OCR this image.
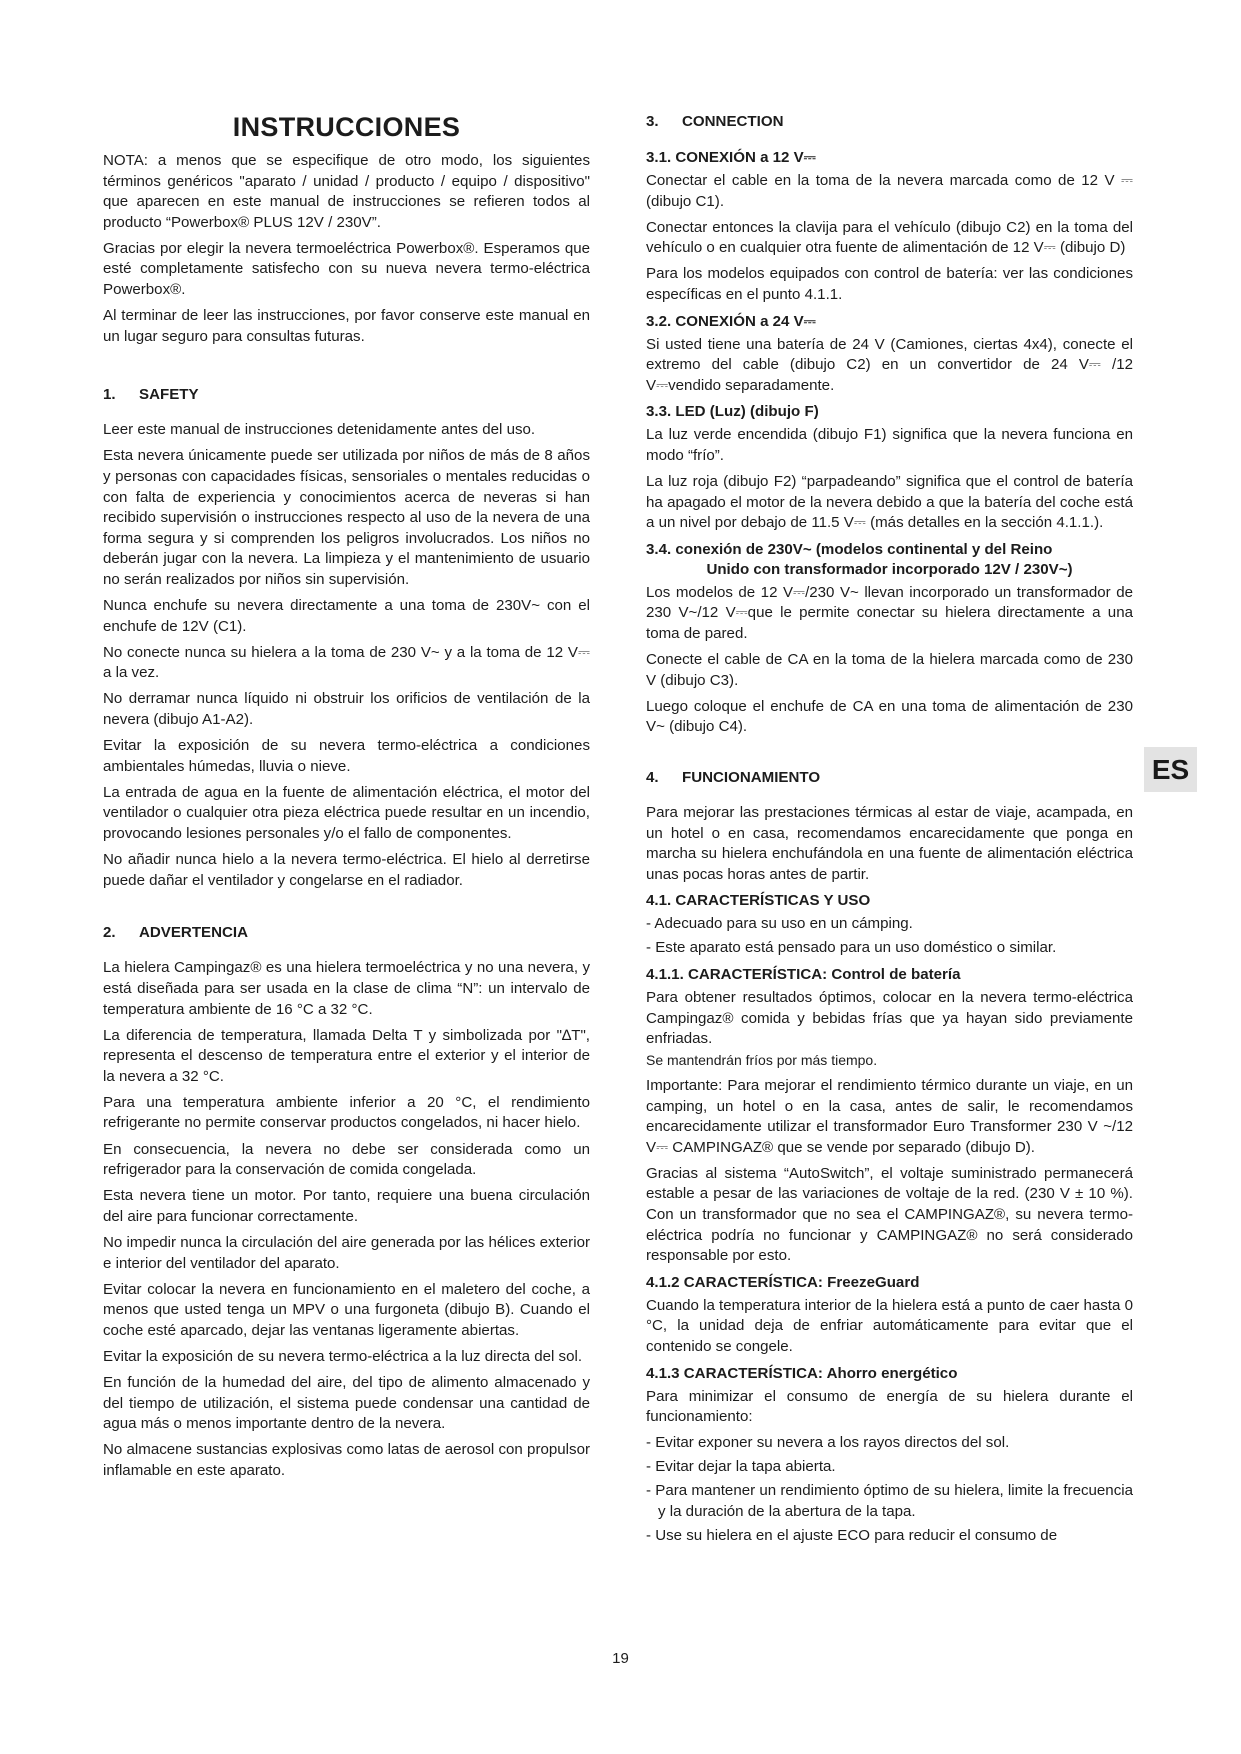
INSTRUCCIONES

NOTA: a menos que se especifique de otro modo, los siguientes términos genéricos "aparato / unidad / producto / equipo / dispositivo" que aparecen en este manual de instrucciones se refieren todos al producto “Powerbox® PLUS 12V / 230V”.

Gracias por elegir la nevera termoeléctrica Powerbox®. Esperamos que esté completamente satisfecho con su nueva nevera termo-eléctrica Powerbox®.

Al terminar de leer las instrucciones, por favor conserve este manual en un lugar seguro para consultas futuras.

1. SAFETY

Leer este manual de instrucciones detenidamente antes del uso.

Esta nevera únicamente puede ser utilizada por niños de más de 8 años y personas con capacidades físicas, sensoriales o mentales reducidas o con falta de experiencia y conocimientos acerca de neveras si han recibido supervisión o instrucciones respecto al uso de la nevera de una forma segura y si comprenden los peligros involucrados. Los niños no deberán jugar con la nevera. La limpieza y el mantenimiento de usuario no serán realizados por niños sin supervisión.

Nunca enchufe su nevera directamente a una toma de 230V~ con el enchufe de 12V (C1).

No conecte nunca su hielera a la toma de 230 V~ y a la toma de 12 V⎓ a la vez.

No derramar nunca líquido ni obstruir los orificios de ventilación de la nevera (dibujo A1-A2).

Evitar la exposición de su nevera termo-eléctrica a condiciones ambientales húmedas, lluvia o nieve.

La entrada de agua en la fuente de alimentación eléctrica, el motor del ventilador o cualquier otra pieza eléctrica puede resultar en un incendio, provocando lesiones personales y/o el fallo de componentes.

No añadir nunca hielo a la nevera termo-eléctrica. El hielo al derretirse puede dañar el ventilador y congelarse en el radiador.

2. ADVERTENCIA

La hielera Campingaz® es una hielera termoeléctrica y no una nevera, y está diseñada para ser usada en la clase de clima “N”: un intervalo de temperatura ambiente de 16 °C a 32 °C.

La diferencia de temperatura, llamada Delta T y simbolizada por "∆T", representa el descenso de temperatura entre el exterior y el interior de la nevera a 32 °C.

Para una temperatura ambiente inferior a 20 °C, el rendimiento refrigerante no permite conservar productos congelados, ni hacer hielo.

En consecuencia, la nevera no debe ser considerada como un refrigerador para la conservación de comida congelada.

Esta nevera tiene un motor. Por tanto, requiere una buena circulación del aire para funcionar correctamente.

No impedir nunca la circulación del aire generada por las hélices exterior e interior del ventilador del aparato.

Evitar colocar la nevera en funcionamiento en el maletero del coche, a menos que usted tenga un MPV o una furgoneta (dibujo B). Cuando el coche esté aparcado, dejar las ventanas ligeramente abiertas.

Evitar la exposición de su nevera termo-eléctrica a la luz directa del sol.

En función de la humedad del aire, del tipo de alimento almacenado y del tiempo de utilización, el sistema puede condensar una cantidad de agua más o menos importante dentro de la nevera.

No almacene sustancias explosivas como latas de aerosol con propulsor inflamable en este aparato.

3. CONNECTION
3.1. CONEXIÓN a 12 V⎓

Conectar el cable en la toma de la nevera marcada como de 12 V ⎓ (dibujo C1).

Conectar entonces la clavija para el vehículo (dibujo C2) en la toma del vehículo o en cualquier otra fuente de alimentación de 12 V⎓ (dibujo D)

Para los modelos equipados con control de batería: ver las condiciones específicas en el punto 4.1.1.

3.2. CONEXIÓN a 24 V⎓

Si usted tiene una batería de 24 V (Camiones, ciertas 4x4), conecte el extremo del cable (dibujo C2) en un convertidor de 24 V⎓ /12 V⎓vendido separadamente.

3.3. LED (Luz) (dibujo F)

La luz verde encendida (dibujo F1) significa que la nevera funciona en modo “frío”.

La luz roja (dibujo F2) “parpadeando” significa que el control de batería ha apagado el motor de la nevera debido a que la batería del coche está a un nivel por debajo de 11.5 V⎓ (más detalles en la sección 4.1.1.).

3.4. conexión de 230V~ (modelos continental y del Reino
Unido con transformador incorporado 12V / 230V~)

Los modelos de 12 V⎓/230 V~ llevan incorporado un transformador de 230 V~/12 V⎓que le permite conectar su hielera directamente a una toma de pared.

Conecte el cable de CA en la toma de la hielera marcada como de 230 V (dibujo C3).

Luego coloque el enchufe de CA en una toma de alimentación de 230 V~ (dibujo C4).

4. FUNCIONAMIENTO

Para mejorar las prestaciones térmicas al estar de viaje, acampada, en un hotel o en casa, recomendamos encarecidamente que ponga en marcha su hielera enchufándola en una fuente de alimentación eléctrica unas pocas horas antes de partir.

4.1. CARACTERÍSTICAS Y USO
- Adecuado para su uso en un cámping.
- Este aparato está pensado para un uso doméstico o similar.
4.1.1. CARACTERÍSTICA: Control de batería

Para obtener resultados óptimos, colocar en la nevera termo-eléctrica Campingaz® comida y bebidas frías que ya hayan sido previamente enfriadas.

Se mantendrán fríos por más tiempo.

Importante: Para mejorar el rendimiento térmico durante un viaje, en un camping, un hotel o en la casa, antes de salir, le recomendamos encarecidamente utilizar el transformador Euro Transformer 230 V ~/12 V⎓ CAMPINGAZ® que se vende por separado (dibujo D).

Gracias al sistema “AutoSwitch”, el voltaje suministrado permanecerá estable a pesar de las variaciones de voltaje de la red. (230 V ± 10 %). Con un transformador que no sea el CAMPINGAZ®, su nevera termo-eléctrica podría no funcionar y CAMPINGAZ® no será considerado responsable por esto.

4.1.2 CARACTERÍSTICA: FreezeGuard

Cuando la temperatura interior de la hielera está a punto de caer hasta 0 °C, la unidad deja de enfriar automáticamente para evitar que el contenido se congele.

4.1.3 CARACTERÍSTICA: Ahorro energético

Para minimizar el consumo de energía de su hielera durante el funcionamiento:

- Evitar exponer su nevera a los rayos directos del sol.
- Evitar dejar la tapa abierta.
- Para mantener un rendimiento óptimo de su hielera, limite la frecuencia y la duración de la abertura de la tapa.
- Use su hielera en el ajuste ECO para reducir el consumo de
ES
19
